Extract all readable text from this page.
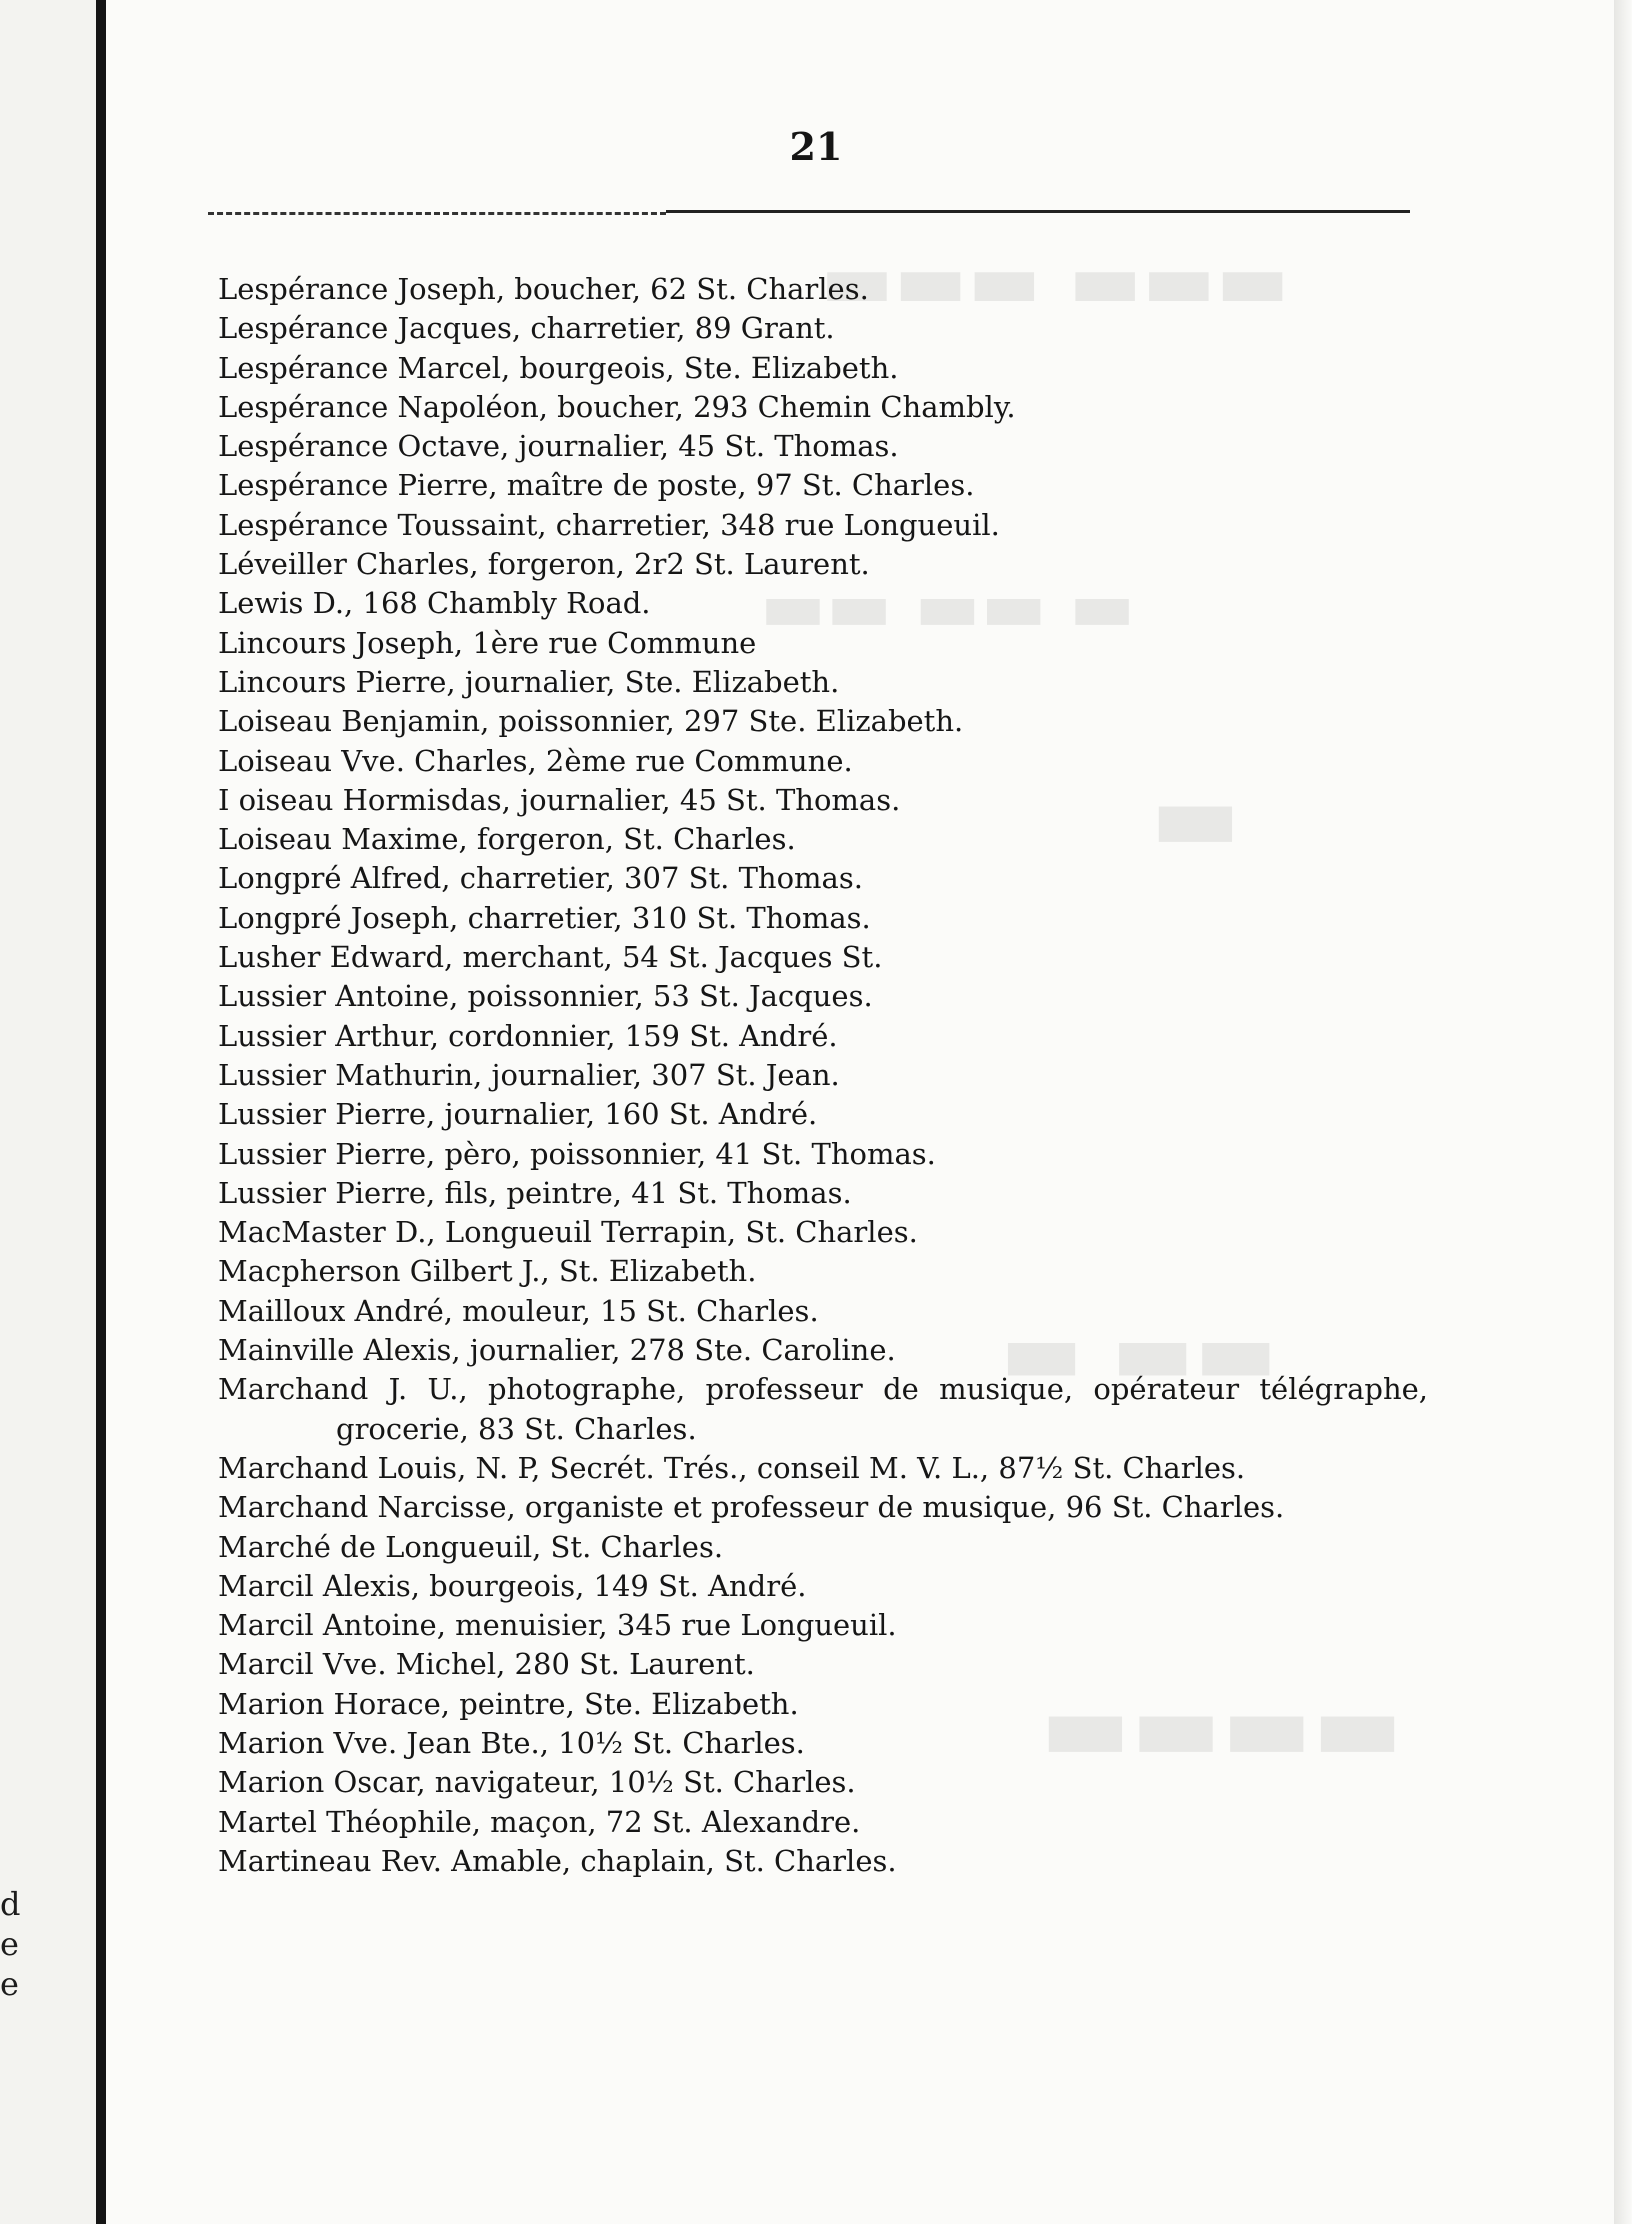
▬▬▬ ▬▬▬
▬ ▬▬ ▬▬
▬
▬▬ ▬
▬▬▬▬
d
e
e
21
Lespérance Joseph, boucher, 62 St. Charles.
Lespérance Jacques, charretier, 89 Grant.
Lespérance Marcel, bourgeois, Ste. Elizabeth.
Lespérance Napoléon, boucher, 293 Chemin Chambly.
Lespérance Octave, journalier, 45 St. Thomas.
Lespérance Pierre, maître de poste, 97 St. Charles.
Lespérance Toussaint, charretier, 348 rue Longueuil.
Léveiller Charles, forgeron, 2r2 St. Laurent.
Lewis D., 168 Chambly Road.
Lincours Joseph, 1ère rue Commune
Lincours Pierre, journalier, Ste. Elizabeth.
Loiseau Benjamin, poissonnier, 297 Ste. Elizabeth.
Loiseau Vve. Charles, 2ème rue Commune.
I oiseau Hormisdas, journalier, 45 St. Thomas.
Loiseau Maxime, forgeron, St. Charles.
Longpré Alfred, charretier, 307 St. Thomas.
Longpré Joseph, charretier, 310 St. Thomas.
Lusher Edward, merchant, 54 St. Jacques St.
Lussier Antoine, poissonnier, 53 St. Jacques.
Lussier Arthur, cordonnier, 159 St. André.
Lussier Mathurin, journalier, 307 St. Jean.
Lussier Pierre, journalier, 160 St. André.
Lussier Pierre, pèro, poissonnier, 41 St. Thomas.
Lussier Pierre, fils, peintre, 41 St. Thomas.
MacMaster D., Longueuil Terrapin, St. Charles.
Macpherson Gilbert J., St. Elizabeth.
Mailloux André, mouleur, 15 St. Charles.
Mainville Alexis, journalier, 278 Ste. Caroline.
Marchand J. U., photographe, professeur de musique, opérateur télégraphe, grocerie, 83 St. Charles.
Marchand Louis, N. P, Secrét. Trés., conseil M. V. L., 87½ St. Charles.
Marchand Narcisse, organiste et professeur de musique, 96 St. Charles.
Marché de Longueuil, St. Charles.
Marcil Alexis, bourgeois, 149 St. André.
Marcil Antoine, menuisier, 345 rue Longueuil.
Marcil Vve. Michel, 280 St. Laurent.
Marion Horace, peintre, Ste. Elizabeth.
Marion Vve. Jean Bte., 10½ St. Charles.
Marion Oscar, navigateur, 10½ St. Charles.
Martel Théophile, maçon, 72 St. Alexandre.
Martineau Rev. Amable, chaplain, St. Charles.
